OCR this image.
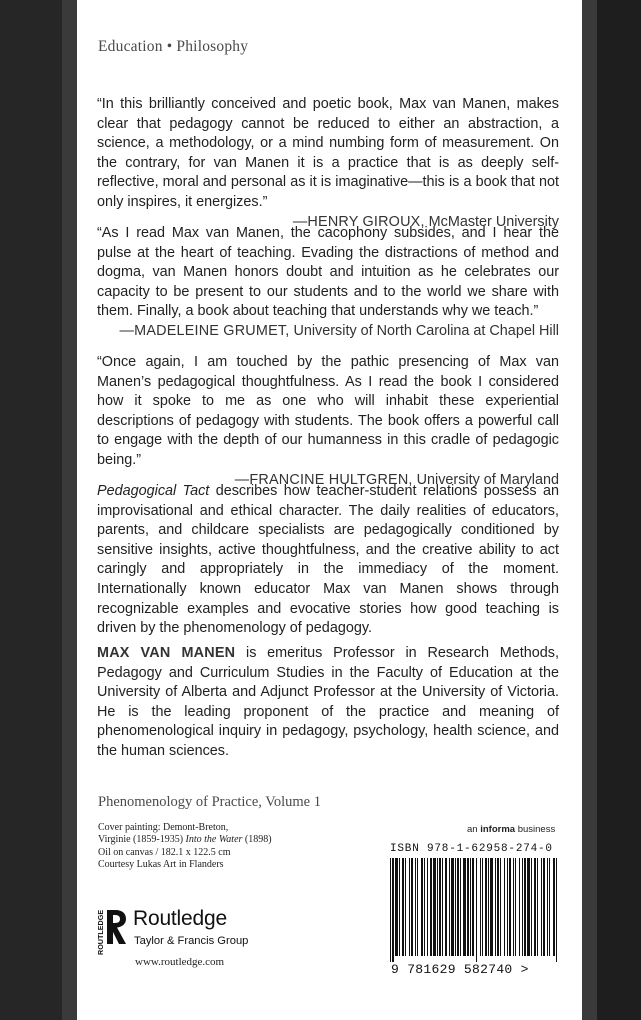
Education • Philosophy

“In this brilliantly conceived and poetic book, Max van Manen, makes clear that pedagogy cannot be reduced to either an abstraction, a science, a methodology, or a mind numbing form of measurement. On the contrary, for van Manen it is a practice that is as deeply self-reflective, moral and personal as it is imaginative—this is a book that not only inspires, it energizes.”
—HENRY GIROUX, McMaster University

“As I read Max van Manen, the cacophony subsides, and I hear the pulse at the heart of teaching. Evading the distractions of method and dogma, van Manen honors doubt and intuition as he celebrates our capacity to be present to our students and to the world we share with them. Finally, a book about teaching that understands why we teach.”
—MADELEINE GRUMET, University of North Carolina at Chapel Hill

“Once again, I am touched by the pathic presencing of Max van Manen’s pedagogical thoughtfulness. As I read the book I considered how it spoke to me as one who will inhabit these experiential descriptions of pedagogy with students. The book offers a powerful call to engage with the depth of our humanness in this cradle of pedagogic being.”
—FRANCINE HULTGREN, University of Maryland

Pedagogical Tact describes how teacher-student relations possess an improvisational and ethical character. The daily realities of educators, parents, and childcare specialists are pedagogically conditioned by sensitive insights, active thoughtfulness, and the creative ability to act caringly and appropriately in the immediacy of the moment. Internationally known educator Max van Manen shows through recognizable examples and evocative stories how good teaching is driven by the phenomenology of pedagogy.

MAX VAN MANEN is emeritus Professor in Research Methods, Pedagogy and Curriculum Studies in the Faculty of Education at the University of Alberta and Adjunct Professor at the University of Victoria. He is the leading proponent of the practice and meaning of phenomenological inquiry in pedagogy, psychology, health science, and the human sciences.

Phenomenology of Practice, Volume 1
Cover painting: Demont-Breton,
Virginie (1859-1935) Into the Water (1898)
Oil on canvas / 182.1 x 122.5 cm
Courtesy Lukas Art in Flanders
an informa business
ISBN 978-1-62958-274-0
9 781629 582740 >
ROUTLEDGE Routledge
Taylor & Francis Group
www.routledge.com
